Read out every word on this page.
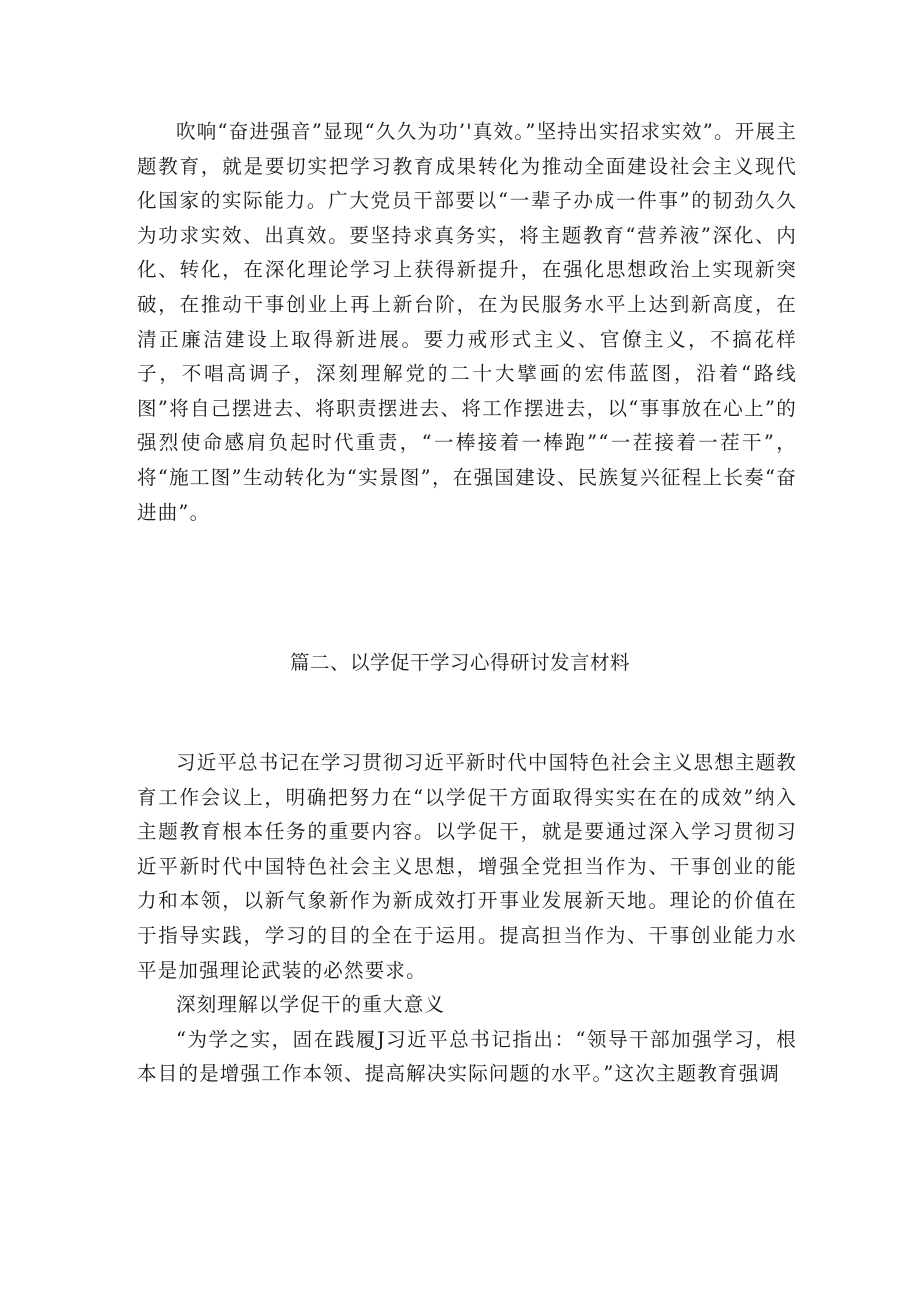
吹响“奋进强音”显现“久久为功’'真效。”坚持出实招求实效”。开展主题教育，就是要切实把学习教育成果转化为推动全面建设社会主义现代化国家的实际能力。广大党员干部要以“一辈子办成一件事”的韧劲久久为功求实效、出真效。要坚持求真务实，将主题教育“营养液”深化、内化、转化，在深化理论学习上获得新提升，在强化思想政治上实现新突破，在推动干事创业上再上新台阶，在为民服务水平上达到新高度，在清正廉洁建设上取得新进展。要力戒形式主义、官僚主义，不搞花样子，不唱高调子，深刻理解党的二十大擘画的宏伟蓝图，沿着“路线图”将自己摆进去、将职责摆进去、将工作摆进去，以“事事放在心上”的强烈使命感肩负起时代重责，“一棒接着一棒跑”“一茬接着一茬干”，将“施工图”生动转化为“实景图”，在强国建设、民族复兴征程上长奏“奋进曲”。

篇二、以学促干学习心得研讨发言材料

习近平总书记在学习贯彻习近平新时代中国特色社会主义思想主题教育工作会议上，明确把努力在“以学促干方面取得实实在在的成效”纳入主题教育根本任务的重要内容。以学促干，就是要通过深入学习贯彻习近平新时代中国特色社会主义思想，增强全党担当作为、干事创业的能力和本领，以新气象新作为新成效打开事业发展新天地。理论的价值在于指导实践，学习的目的全在于运用。提高担当作为、干事创业能力水平是加强理论武装的必然要求。

深刻理解以学促干的重大意义

“为学之实，固在践履J习近平总书记指出：“领导干部加强学习，根本目的是增强工作本领、提高解决实际问题的水平。”这次主题教育强调
